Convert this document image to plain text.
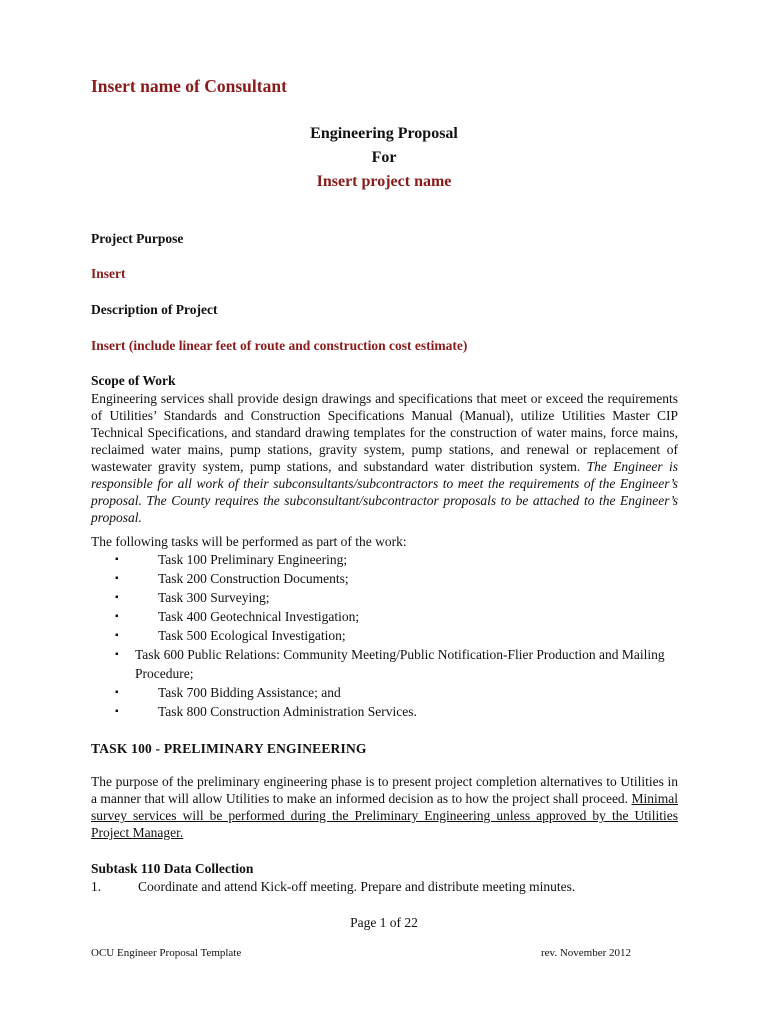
Insert name of Consultant
Engineering Proposal
For
Insert project name
Project Purpose
Insert
Description of Project
Insert (include linear feet of route and construction cost estimate)
Scope of Work
Engineering services shall provide design drawings and specifications that meet or exceed the requirements of Utilities’ Standards and Construction Specifications Manual (Manual), utilize Utilities Master CIP Technical Specifications, and standard drawing templates for the construction of water mains, force mains, reclaimed water mains, pump stations, gravity system, pump stations, and renewal or replacement of wastewater gravity system, pump stations, and substandard water distribution system. The Engineer is responsible for all work of their subconsultants/subcontractors to meet the requirements of the Engineer’s proposal. The County requires the subconsultant/subcontractor proposals to be attached to the Engineer’s proposal.
The following tasks will be performed as part of the work:
▪	Task 100 Preliminary Engineering;
▪	Task 200 Construction Documents;
▪	Task 300 Surveying;
▪	Task 400 Geotechnical Investigation;
▪	Task 500 Ecological Investigation;
▪ Task 600 Public Relations: Community Meeting/Public Notification-Flier Production and Mailing Procedure;
▪	Task 700 Bidding Assistance; and
▪	Task 800 Construction Administration Services.
TASK 100 - PRELIMINARY ENGINEERING
The purpose of the preliminary engineering phase is to present project completion alternatives to Utilities in a manner that will allow Utilities to make an informed decision as to how the project shall proceed. Minimal survey services will be performed during the Preliminary Engineering unless approved by the Utilities Project Manager.
Subtask 110 Data Collection
1.	Coordinate and attend Kick-off meeting. Prepare and distribute meeting minutes.
Page 1 of 22
OCU Engineer Proposal Template	rev. November 2012
